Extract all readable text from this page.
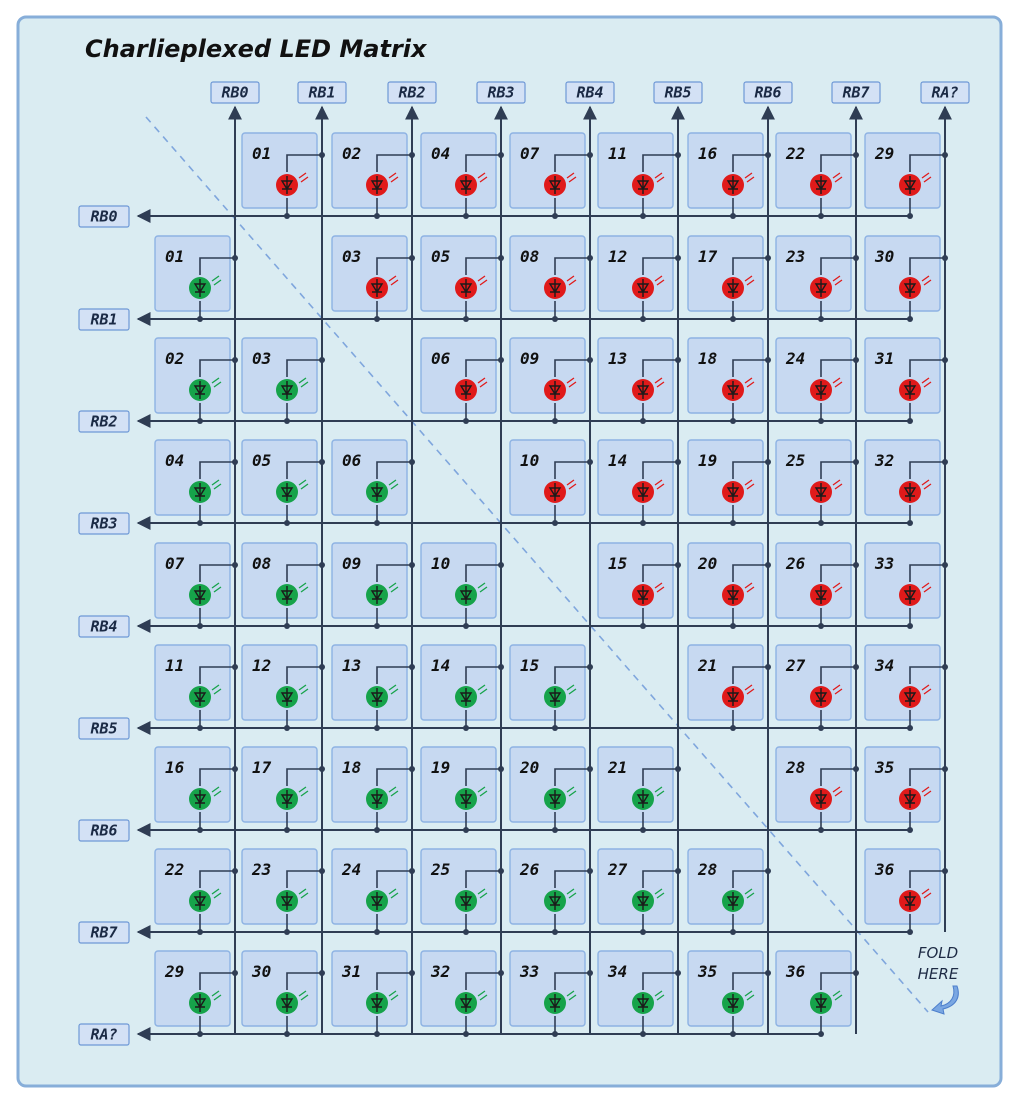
Charlieplexed LED Matrix
01	02	04	07	11	16	22	29
01	03	05	08	12	17	23	30
02	03	06	09	13	18	24	31
04	05	06	10	14	19	25	32
07	08	09	10	15	20	26	33
11	12	13	14	15	21	27	34
16	17	18	19	20	21	28	35
22	23	24	25	26	27	28	36
29	30	31	32	33	34	35	36
RB0	RB1	RB2	RB3	RB4	RB5	RB6	RB7	RA?
RB0
RB1
RB2
RB3
RB4
RB5
RB6
RB7
RA?
FOLD
HERE
